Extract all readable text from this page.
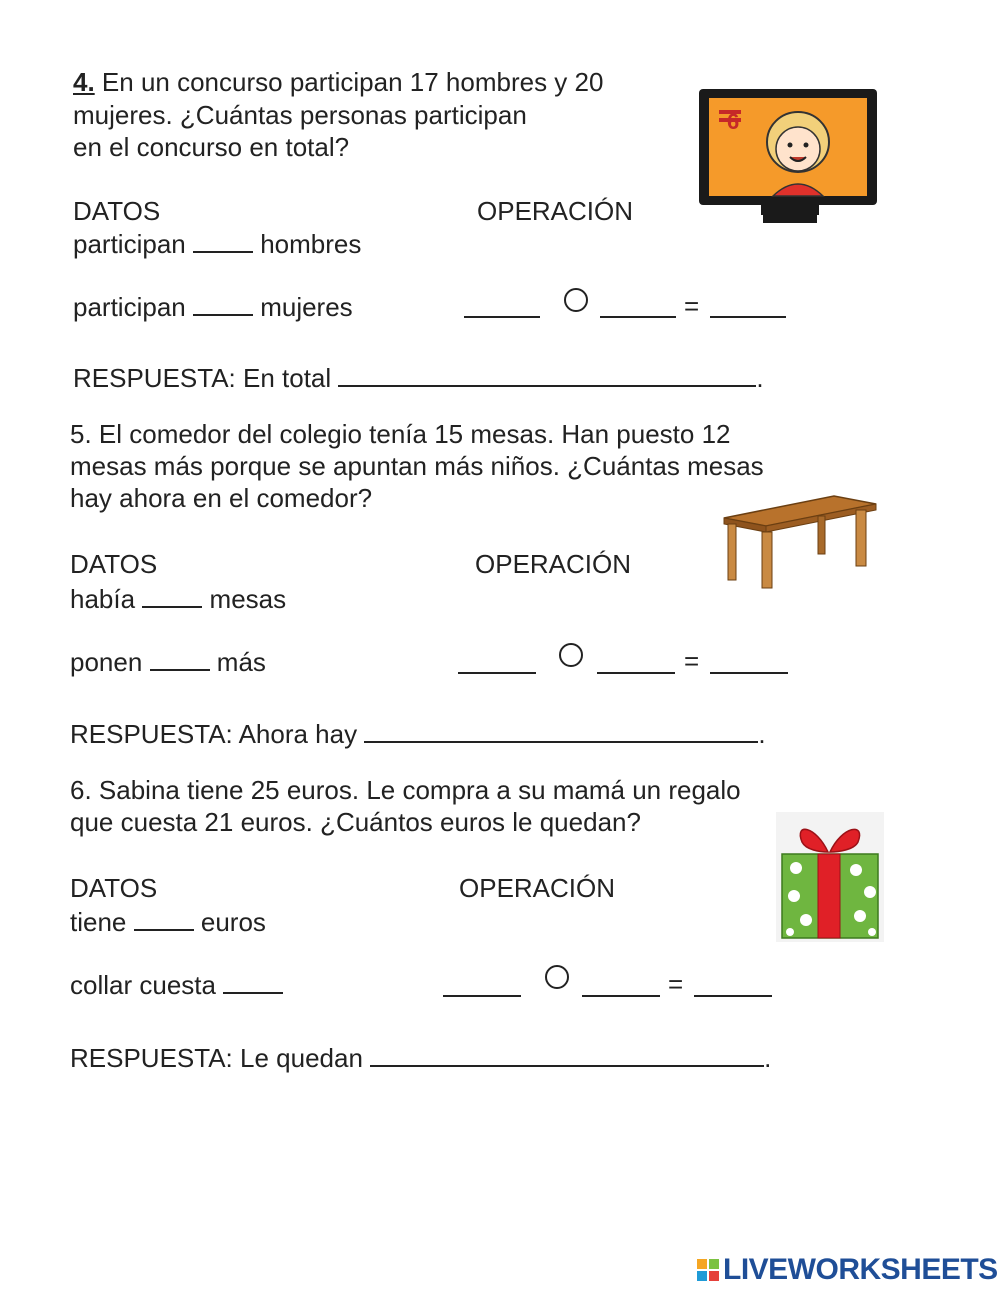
4. En un concurso participan 17 hombres y 20
mujeres. ¿Cuántas personas participan
en el concurso en total?
6
DATOS	OPERACIÓN
participan	hombres
participan	mujeres	=
RESPUESTA: En total	.
5. El comedor del colegio tenía 15 mesas. Han puesto 12
mesas más porque se apuntan más niños. ¿Cuántas mesas
hay ahora en el comedor?
DATOS	OPERACIÓN
había	mesas
ponen	más	=
RESPUESTA: Ahora hay	.
6. Sabina tiene 25 euros. Le compra a su mamá un regalo
que cuesta 21 euros. ¿Cuántos euros le quedan?
DATOS	OPERACIÓN
tiene	euros
collar cuesta	=
RESPUESTA: Le quedan	.
LIVEWORKSHEETS
